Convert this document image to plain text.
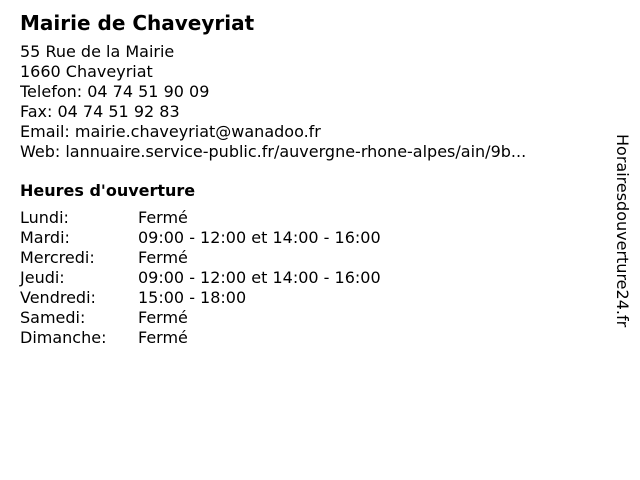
Mairie de Chaveyriat
55 Rue de la Mairie
1660 Chaveyriat
Telefon: 04 74 51 90 09
Fax: 04 74 51 92 83
Email: mairie.chaveyriat@wanadoo.fr
Web: lannuaire.service-public.fr/auvergne-rhone-alpes/ain/9b...
Heures d'ouverture
Lundi:	Fermé
Mardi:	09:00 - 12:00 et 14:00 - 16:00
Mercredi:	Fermé
Jeudi:	09:00 - 12:00 et 14:00 - 16:00
Vendredi:	15:00 - 18:00
Samedi:	Fermé
Dimanche:	Fermé
Horairesdouverture24.fr
